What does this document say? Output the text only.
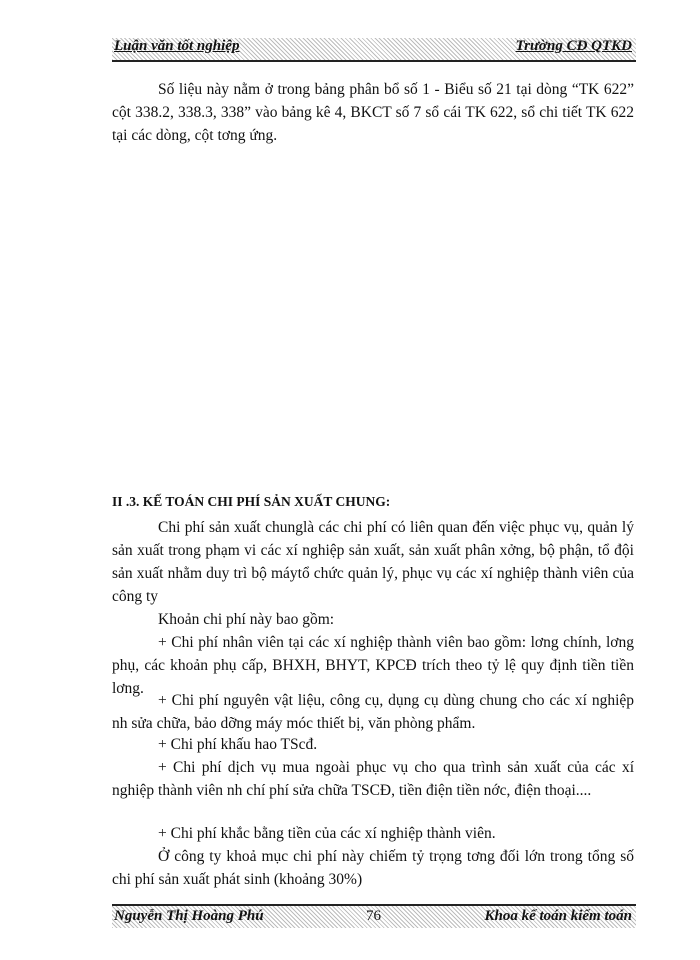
Luận văn tốt nghiệp	Trường CĐ QTKD

Số liệu này nằm ở trong bảng phân bổ số 1 - Biểu số 21 tại dòng “TK 622” cột 338.2, 338.3, 338” vào bảng kê 4, BKCT số 7 sổ cái TK 622, sổ chi tiết TK 622 tại các dòng, cột tơng ứng.

II .3. KẾ TOÁN CHI PHÍ SẢN XUẤT CHUNG:

Chi phí sản xuất chunglà các chi phí có liên quan đến việc phục vụ, quản lý sản xuất trong phạm vi các xí nghiệp sản xuất, sản xuất phân xởng, bộ phận, tổ đội sản xuất nhằm duy trì bộ máytổ chức quản lý, phục vụ các xí nghiệp thành viên của công ty

Khoản chi phí này bao gồm:

+ Chi phí nhân viên tại các xí nghiệp thành viên bao gồm: lơng chính, lơng phụ, các khoản phụ cấp, BHXH, BHYT, KPCĐ trích theo tỷ lệ quy định tiền tiền lơng.

+ Chi phí nguyên vật liệu, công cụ, dụng cụ dùng chung cho các xí nghiệp nh sửa chữa, bảo dỡng máy móc thiết bị, văn phòng phẩm.

+ Chi phí khấu hao TScđ.

+ Chi phí dịch vụ mua ngoài phục vụ cho qua trình sản xuất của các xí nghiệp thành viên nh chí phí sửa chữa TSCĐ, tiền điện tiền nớc, điện thoại....

+ Chi phí khắc bằng tiền của các xí nghiệp thành viên.

Ở công ty khoả mục chi phí này chiếm tỷ trọng tơng đối lớn trong tổng số chi phí sản xuất phát sinh (khoảng 30%)

Nguyễn Thị Hoàng Phú	76	Khoa kế toán kiểm toán
